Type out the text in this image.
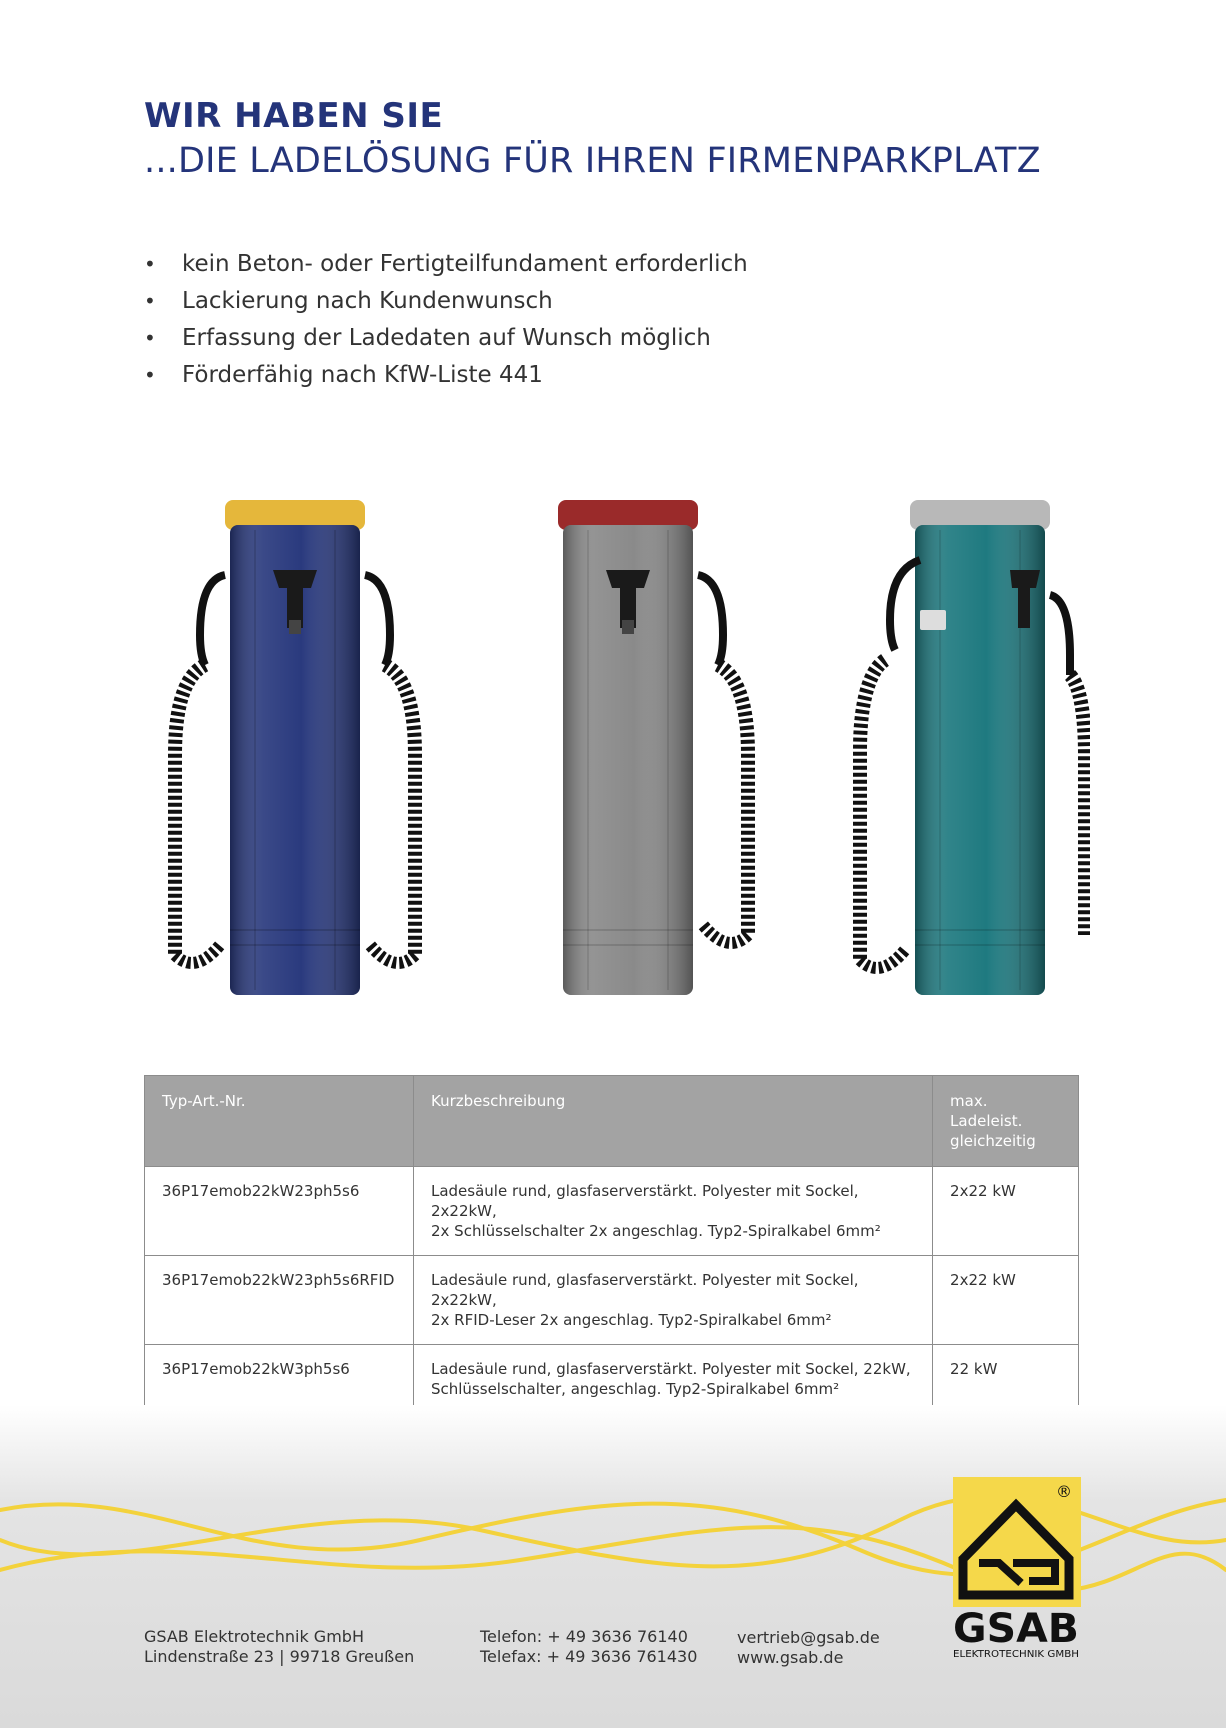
WIR HABEN SIE
...DIE LADELÖSUNG FÜR IHREN FIRMENPARKPLATZ
• kein Beton- oder Fertigteilfundament erforderlich
• Lackierung nach Kundenwunsch
• Erfassung der Ladedaten auf Wunsch möglich
• Förderfähig nach KfW-Liste 441
Typ-Art.-Nr.	Kurzbeschreibung	max. Ladeleist.
gleichzeitig
36P17emob22kW23ph5s6	Ladesäule rund, glasfaserverstärkt. Polyester mit Sockel, 2x22kW,
2x Schlüsselschalter 2x angeschlag. Typ2-Spiralkabel 6mm²	2x22 kW
36P17emob22kW23ph5s6RFID	Ladesäule rund, glasfaserverstärkt. Polyester mit Sockel, 2x22kW,
2x RFID-Leser 2x angeschlag. Typ2-Spiralkabel 6mm²	2x22 kW
36P17emob22kW3ph5s6	Ladesäule rund, glasfaserverstärkt. Polyester mit Sockel, 22kW,
Schlüsselschalter, angeschlag. Typ2-Spiralkabel 6mm²	22 kW

GSAB Elektrotechnik GmbH
Lindenstraße 23 | 99718 Greußen
Telefon: + 49 3636 76140
Telefax: + 49 3636 761430
vertrieb@gsab.de
www.gsab.de
®
GSAB
ELEKTROTECHNIK GMBH
